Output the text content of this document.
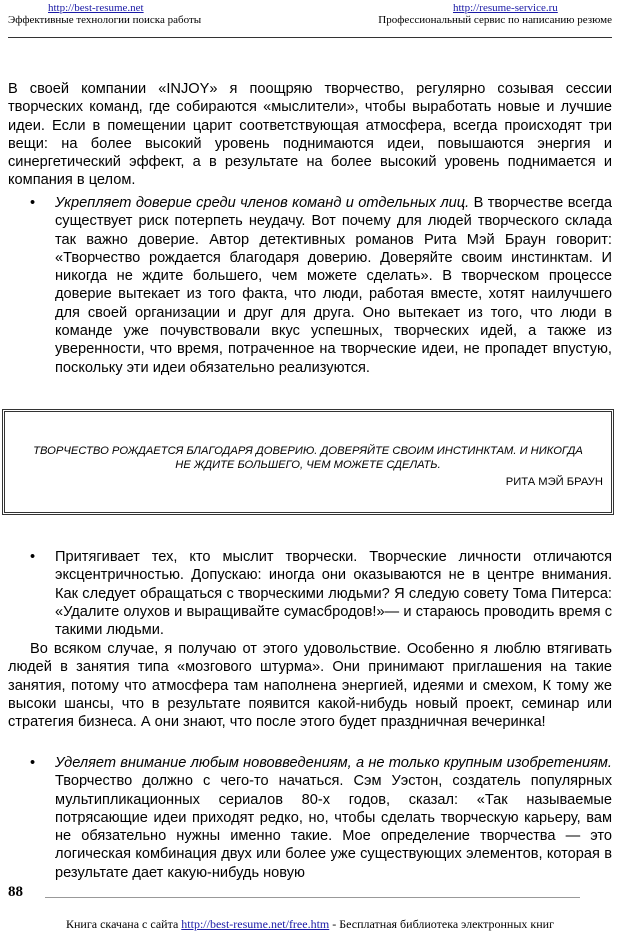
http://best-resume.net
Эффективные технологии поиска работы
http://resume-service.ru
Профессиональный сервис по написанию резюме
В своей компании «INJOY» я поощряю творчество, регулярно созывая сессии творческих команд, где собираются «мыслители», чтобы выработать новые и лучшие идеи. Если в помещении царит соответствующая атмосфера, всегда происходят три вещи: на более высокий уровень поднимаются идеи, повышаются энергия и синергетический эффект, а в результате на более высокий уровень поднимается и компания в целом.
• Укрепляет доверие среди членов команд и отдельных лиц. В творчестве всегда существует риск потерпеть неудачу. Вот почему для людей творческого склада так важно доверие. Автор детективных романов Рита Мэй Браун говорит: «Творчество рождается благодаря доверию. Доверяйте своим инстинктам. И никогда не ждите большего, чем можете сделать». В творческом процессе доверие вытекает из того факта, что люди, работая вместе, хотят наилучшего для своей организации и друг для друга. Оно вытекает из того, что люди в команде уже почувствовали вкус успешных, творческих идей, а также из уверенности, что время, потраченное на творческие идеи, не пропадет впустую, поскольку эти идеи обязательно реализуются.
ТВОРЧЕСТВО РОЖДАЕТСЯ БЛАГОДАРЯ ДОВЕРИЮ. ДОВЕРЯЙТЕ СВОИМ ИНСТИНКТАМ. И НИКОГДА НЕ ЖДИТЕ БОЛЬШЕГО, ЧЕМ МОЖЕТЕ СДЕЛАТЬ.
РИТА МЭЙ БРАУН
• Притягивает тех, кто мыслит творчески. Творческие личности отличаются эксцентричностью. Допускаю: иногда они оказываются не в центре внимания. Как следует обращаться с творческими людьми? Я следую совету Тома Питерса: «Удалите олухов и выращивайте сумасбродов!»— и стараюсь проводить время с такими людьми.
Во всяком случае, я получаю от этого удовольствие. Особенно я люблю втягивать людей в занятия типа «мозгового штурма». Они принимают приглашения на такие занятия, потому что атмосфера там наполнена энергией, идеями и смехом, К тому же высоки шансы, что в результате появится какой-нибудь новый проект, семинар или стратегия бизнеса. А они знают, что после этого будет праздничная вечеринка!
• Уделяет внимание любым нововведениям, а не только крупным изобретениям. Творчество должно с чего-то начаться. Сэм Уэстон, создатель популярных мультипликационных сериалов 80-х годов, сказал: «Так называемые потрясающие идеи приходят редко, но, чтобы сделать творческую карьеру, вам не обязательно нужны именно такие. Мое определение творчества — это логическая комбинация двух или более уже существующих элементов, которая в результате дает какую-нибудь новую
88
Книга скачана с сайта http://best-resume.net/free.htm - Бесплатная библиотека электронных книг
